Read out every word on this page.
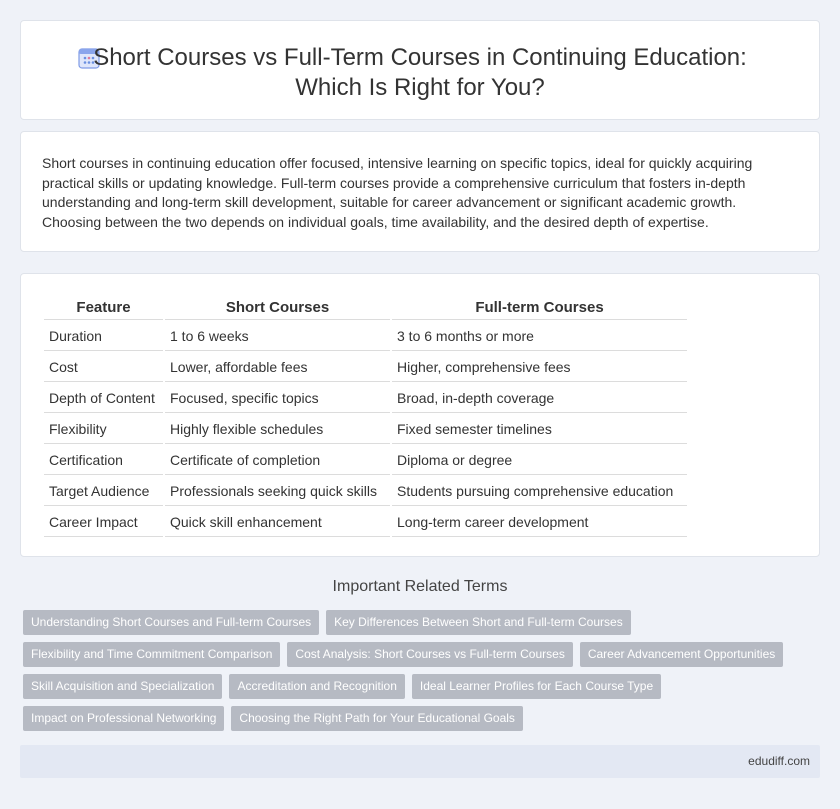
Short Courses vs Full-Term Courses in Continuing Education:
Which Is Right for You?

Short courses in continuing education offer focused, intensive learning on specific topics, ideal for quickly acquiring practical skills or updating knowledge. Full-term courses provide a comprehensive curriculum that fosters in-depth understanding and long-term skill development, suitable for career advancement or significant academic growth. Choosing between the two depends on individual goals, time availability, and the desired depth of expertise.

Feature	Short Courses	Full-term Courses
Duration	1 to 6 weeks	3 to 6 months or more
Cost	Lower, affordable fees	Higher, comprehensive fees
Depth of Content	Focused, specific topics	Broad, in-depth coverage
Flexibility	Highly flexible schedules	Fixed semester timelines
Certification	Certificate of completion	Diploma or degree
Target Audience	Professionals seeking quick skills	Students pursuing comprehensive education
Career Impact	Quick skill enhancement	Long-term career development
Important Related Terms
Understanding Short Courses and Full-term Courses	Key Differences Between Short and Full-term Courses
Flexibility and Time Commitment Comparison	Cost Analysis: Short Courses vs Full-term Courses	Career Advancement Opportunities
Skill Acquisition and Specialization	Accreditation and Recognition	Ideal Learner Profiles for Each Course Type
Impact on Professional Networking	Choosing the Right Path for Your Educational Goals
edudiff.com
